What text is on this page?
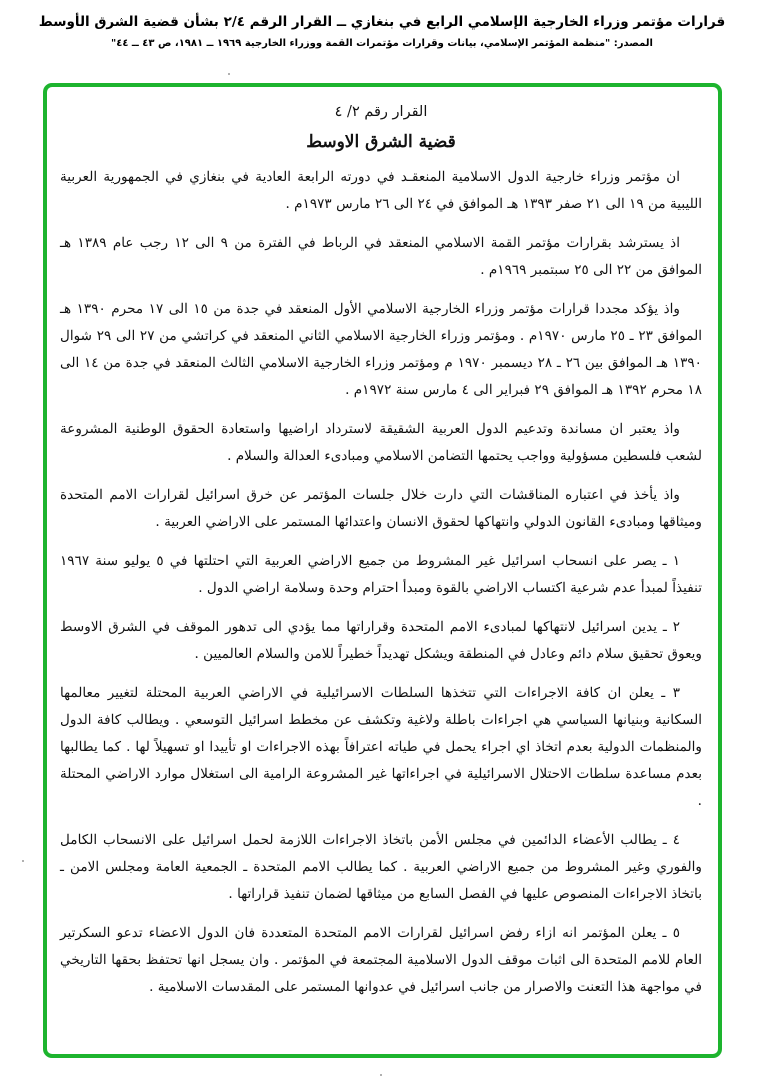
قرارات مؤتمر وزراء الخارجية الإسلامي الرابع في بنغازي ــ القرار الرقم ٢/٤ بشأن قضية الشرق الأوسط
المصدر: "منظمة المؤتمر الإسلامي، بيانات وقرارات مؤتمرات القمة ووزراء الخارجية ١٩٦٩ ــ ١٩٨١، ص ٤٣ ــ ٤٤"
القرار رقم ٢/ ٤
قضية الشرق الاوسط

ان مؤتمر وزراء خارجية الدول الاسلامية المنعقـد في دورته الرابعة العادية في بنغازي في الجمهورية العربية الليبية من ١٩ الى ٢١ صفر ١٣٩٣ هـ الموافق في ٢٤ الى ٢٦ مارس ١٩٧٣م .

اذ يسترشد بقرارات مؤتمر القمة الاسلامي المنعقد في الرباط في الفترة من ٩ الى ١٢ رجب عام ١٣٨٩ هـ الموافق من ٢٢ الى ٢٥ سبتمبر ١٩٦٩م .

واذ يؤكد مجددا قرارات مؤتمر وزراء الخارجية الاسلامي الأول المنعقد في جدة من ١٥ الى ١٧ محرم ١٣٩٠ هـ الموافق ٢٣ ـ ٢٥ مارس ١٩٧٠م . ومؤتمر وزراء الخارجية الاسلامي الثاني المنعقد في كراتشي من ٢٧ الى ٢٩ شوال ١٣٩٠ هـ الموافق بين ٢٦ ـ ٢٨ ديسمبر ١٩٧٠ م ومؤتمر وزراء الخارجية الاسلامي الثالث المنعقد في جدة من ١٤ الى ١٨ محرم ١٣٩٢ هـ الموافق ٢٩ فبراير الى ٤ مارس سنة ١٩٧٢م .

واذ يعتبر ان مساندة وتدعيم الدول العربية الشقيقة لاسترداد اراضيها واستعادة الحقوق الوطنية المشروعة لشعب فلسطين مسؤولية وواجب يحتمها التضامن الاسلامي ومبادىء العدالة والسلام .

واذ يأخذ في اعتباره المناقشات التي دارت خلال جلسات المؤتمر عن خرق اسرائيل لقرارات الامم المتحدة وميثاقها ومبادىء القانون الدولي وانتهاكها لحقوق الانسان واعتدائها المستمر على الاراضي العربية .

١ ـ يصر على انسحاب اسرائيل غير المشروط من جميع الاراضي العربية التي احتلتها في ٥ يوليو سنة ١٩٦٧ تنفيذاً لمبدأ عدم شرعية اكتساب الاراضي بالقوة ومبدأ احترام وحدة وسلامة اراضي الدول .

٢ ـ يدين اسرائيل لانتهاكها لمبادىء الامم المتحدة وقراراتها مما يؤدي الى تدهور الموقف في الشرق الاوسط ويعوق تحقيق سلام دائم وعادل في المنطقة ويشكل تهديداً خطيراً للامن والسلام العالميين .

٣ ـ يعلن ان كافة الاجراءات التي تتخذها السلطات الاسرائيلية في الاراضي العربية المحتلة لتغيير معالمها السكانية وبنيانها السياسي هي اجراءات باطلة ولاغية وتكشف عن مخطط اسرائيل التوسعي . ويطالب كافة الدول والمنظمات الدولية بعدم اتخاذ اي اجراء يحمل في طياته اعترافاً بهذه الاجراءات او تأييدا او تسهيلاً لها . كما يطالبها بعدم مساعدة سلطات الاحتلال الاسرائيلية في اجراءاتها غير المشروعة الرامية الى استغلال موارد الاراضي المحتلة .

٤ ـ يطالب الأعضاء الدائمين في مجلس الأمن باتخاذ الاجراءات اللازمة لحمل اسرائيل على الانسحاب الكامل والفوري وغير المشروط من جميع الاراضي العربية . كما يطالب الامم المتحدة ـ الجمعية العامة ومجلس الامن ـ باتخاذ الاجراءات المنصوص عليها في الفصل السابع من ميثاقها لضمان تنفيذ قراراتها .

٥ ـ يعلن المؤتمر انه ازاء رفض اسرائيل لقرارات الامم المتحدة المتعددة فان الدول الاعضاء تدعو السكرتير العام للامم المتحدة الى اثبات موقف الدول الاسلامية المجتمعة في المؤتمر . وان يسجل انها تحتفظ بحقها التاريخي في مواجهة هذا التعنت والاصرار من جانب اسرائيل في عدوانها المستمر على المقدسات الاسلامية .
